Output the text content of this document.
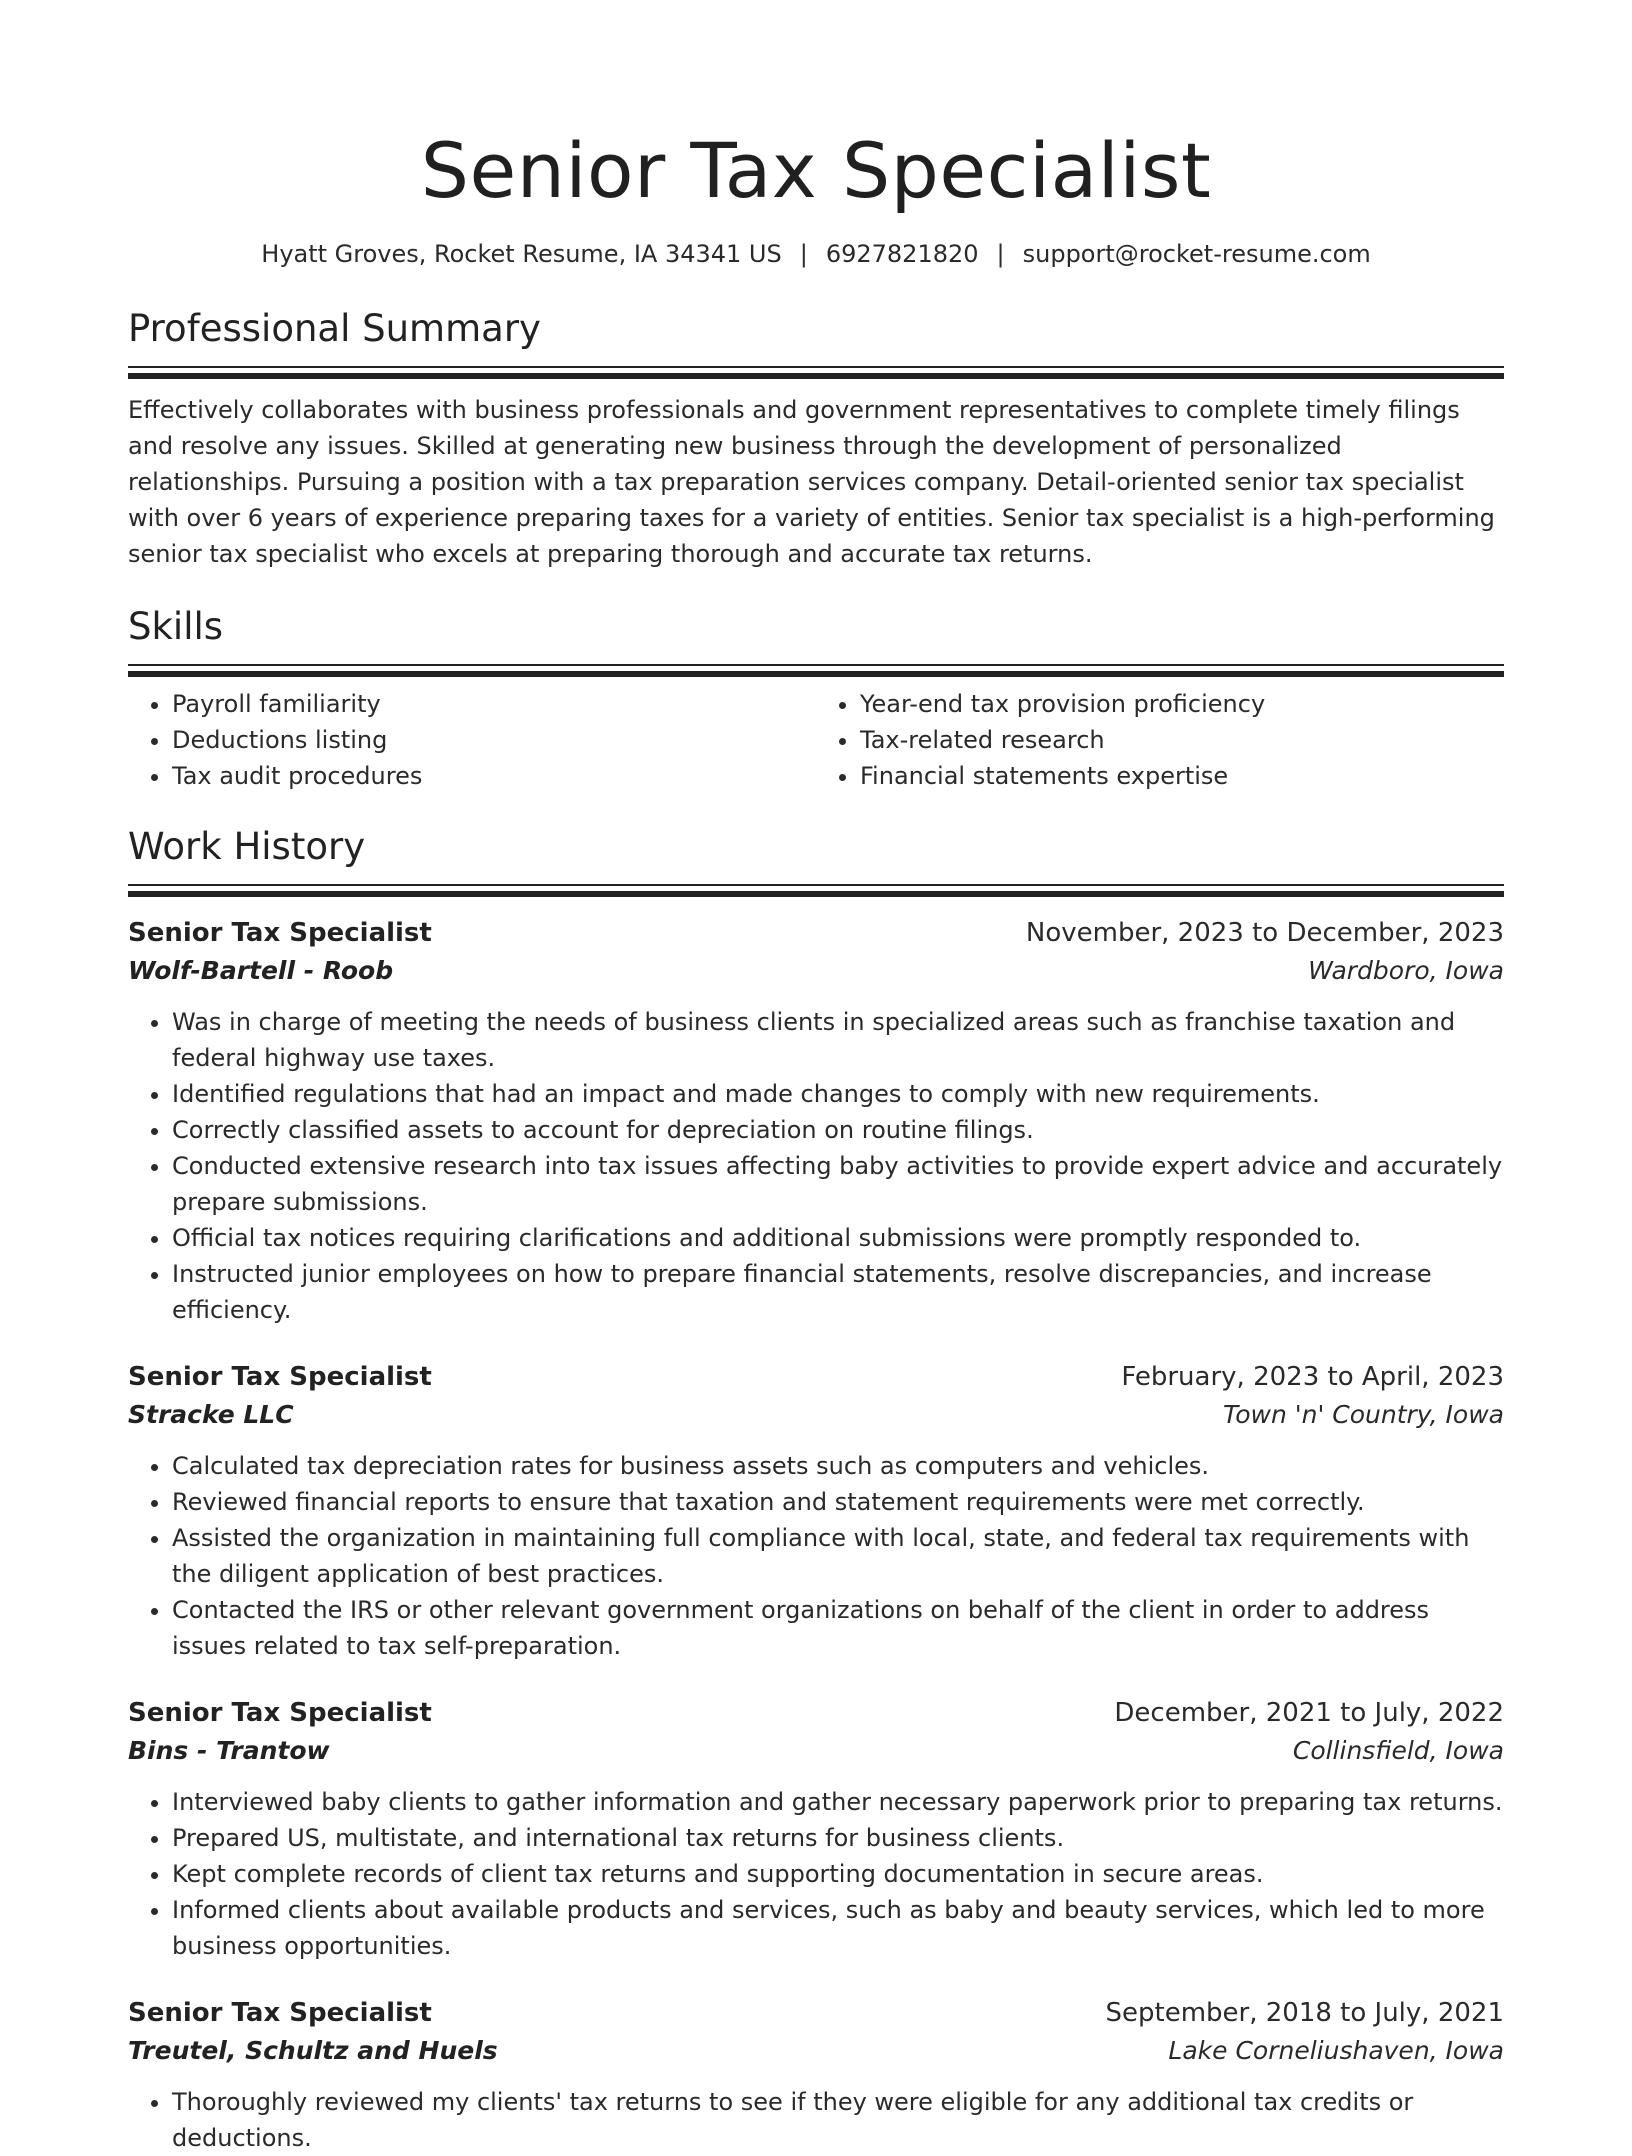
Senior Tax Specialist
Hyatt Groves, Rocket Resume, IA 34341 US | 6927821820 | support@rocket-resume.com
Professional Summary
Effectively collaborates with business professionals and government representatives to complete timely filings and resolve any issues. Skilled at generating new business through the development of personalized relationships. Pursuing a position with a tax preparation services company. Detail-oriented senior tax specialist with over 6 years of experience preparing taxes for a variety of entities. Senior tax specialist is a high-performing senior tax specialist who excels at preparing thorough and accurate tax returns.
Skills
• Payroll familiarity
• Deductions listing
• Tax audit procedures
• Year-end tax provision proficiency
• Tax-related research
• Financial statements expertise
Work History
Senior Tax Specialist	November, 2023 to December, 2023
Wolf-Bartell - Roob	Wardboro, Iowa
• Was in charge of meeting the needs of business clients in specialized areas such as franchise taxation and federal highway use taxes.
• Identified regulations that had an impact and made changes to comply with new requirements.
• Correctly classified assets to account for depreciation on routine filings.
• Conducted extensive research into tax issues affecting baby activities to provide expert advice and accurately prepare submissions.
• Official tax notices requiring clarifications and additional submissions were promptly responded to.
• Instructed junior employees on how to prepare financial statements, resolve discrepancies, and increase efficiency.
Senior Tax Specialist	February, 2023 to April, 2023
Stracke LLC	Town 'n' Country, Iowa
• Calculated tax depreciation rates for business assets such as computers and vehicles.
• Reviewed financial reports to ensure that taxation and statement requirements were met correctly.
• Assisted the organization in maintaining full compliance with local, state, and federal tax requirements with the diligent application of best practices.
• Contacted the IRS or other relevant government organizations on behalf of the client in order to address issues related to tax self-preparation.
Senior Tax Specialist	December, 2021 to July, 2022
Bins - Trantow	Collinsfield, Iowa
• Interviewed baby clients to gather information and gather necessary paperwork prior to preparing tax returns.
• Prepared US, multistate, and international tax returns for business clients.
• Kept complete records of client tax returns and supporting documentation in secure areas.
• Informed clients about available products and services, such as baby and beauty services, which led to more business opportunities.
Senior Tax Specialist	September, 2018 to July, 2021
Treutel, Schultz and Huels	Lake Corneliushaven, Iowa
• Thoroughly reviewed my clients' tax returns to see if they were eligible for any additional tax credits or deductions.
